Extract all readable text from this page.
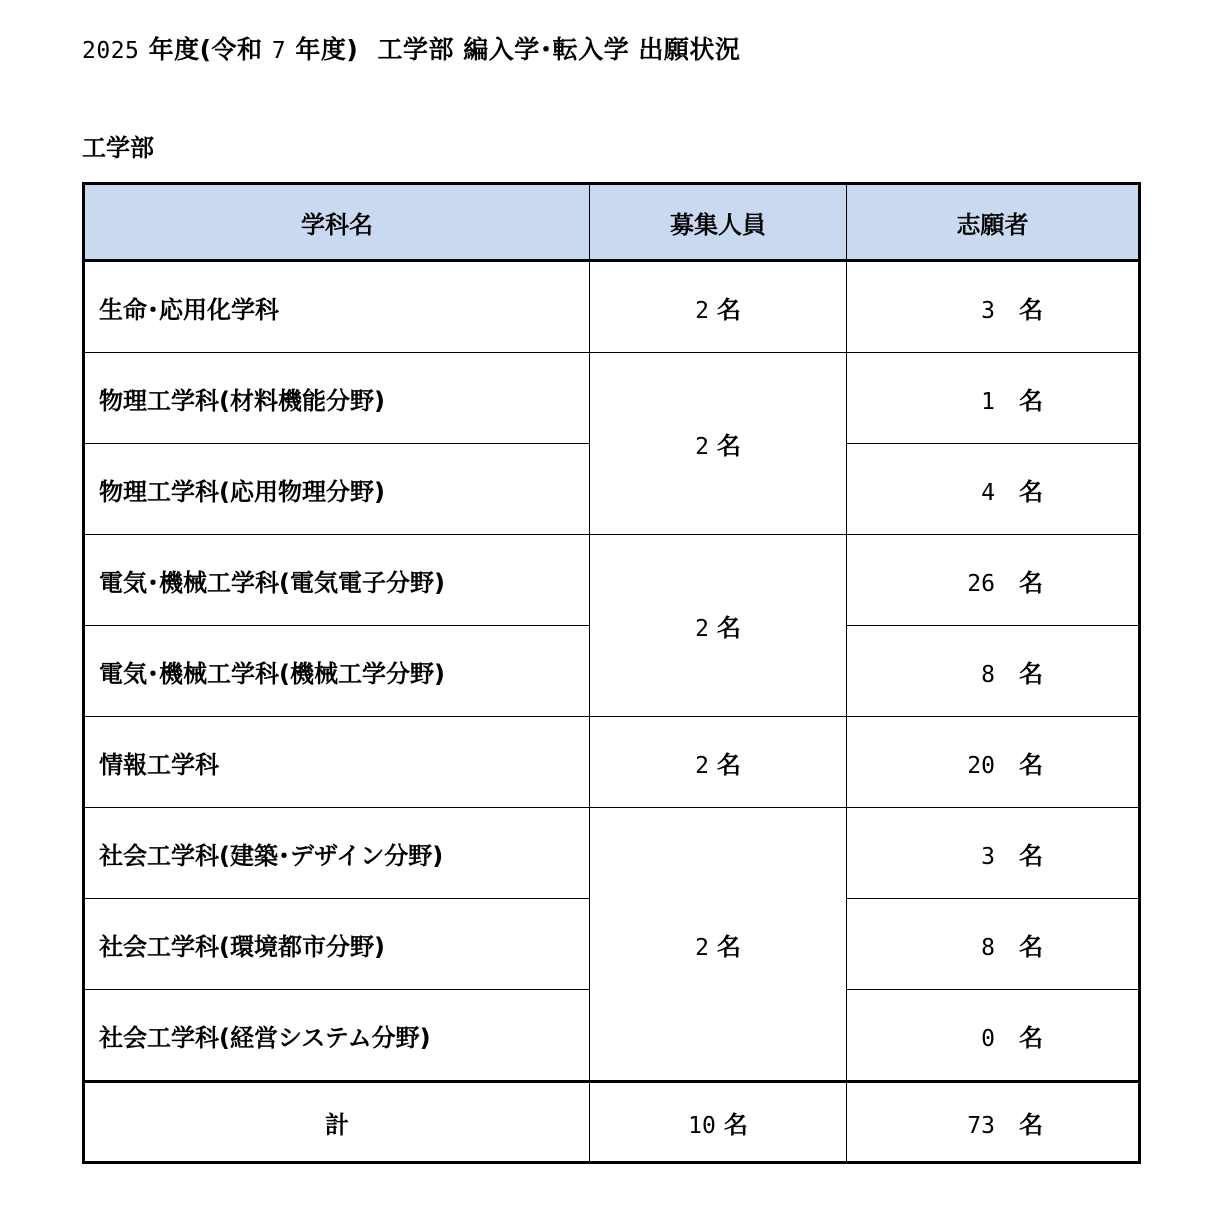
2025 年度(令和 7 年度) 工学部 編入学･転入学 出願状況
工学部
学科名	募集人員	志願者
生命･応用化学科	2 名	3 名

物理工学科(材料機能分野)	2 名	1 名

物理工学科(応用物理分野)		4 名

電気･機械工学科(電気電子分野)	2 名	26 名

電気･機械工学科(機械工学分野)		8 名

情報工学科	2 名	20 名

社会工学科(建築･デザイン分野)	2 名	3 名

社会工学科(環境都市分野)		8 名

社会工学科(経営システム分野)		0 名

計	10 名	73 名
